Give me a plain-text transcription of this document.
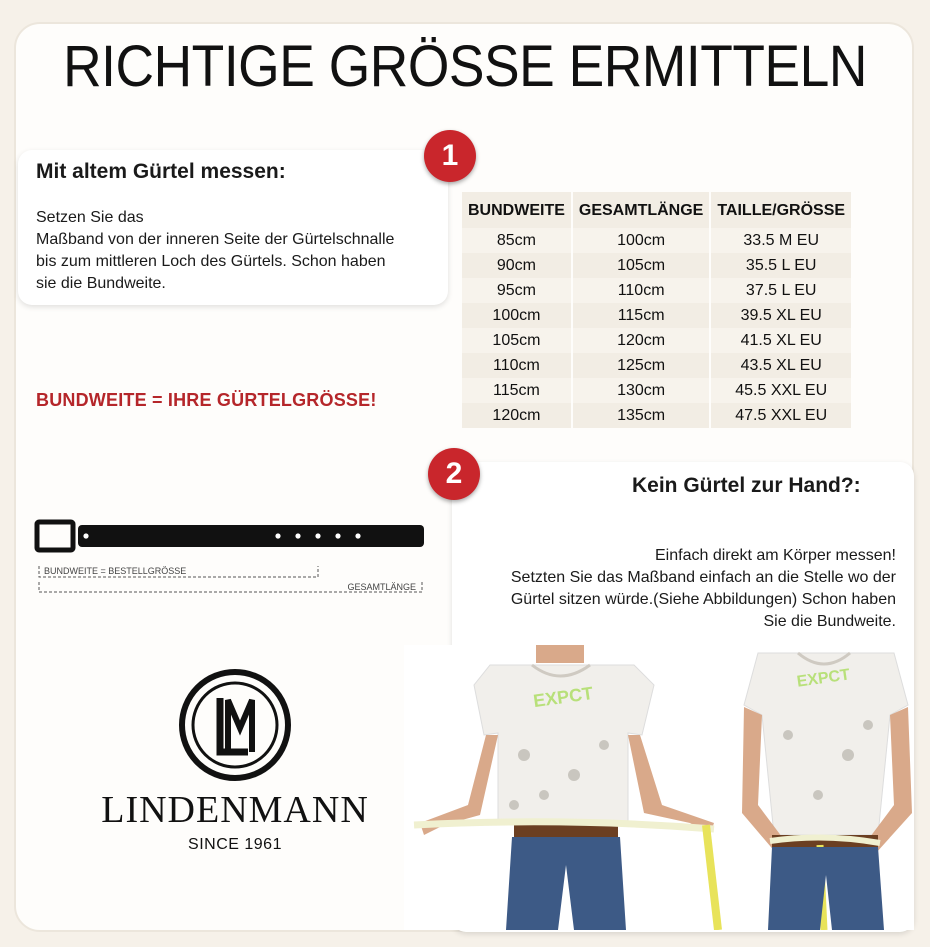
RICHTIGE GRÖSSE ERMITTELN
1
Mit altem Gürtel messen:
Setzen Sie das
Maßband von der inneren Seite der Gürtelschnalle
bis zum mittleren Loch des Gürtels. Schon haben
sie die Bundweite.
BUNDWEITE = IHRE GÜRTELGRÖSSE!
BUNDWEITE	GESAMTLÄNGE	TAILLE/GRÖSSE
85cm	100cm	33.5 M EU
90cm	105cm	35.5 L EU
95cm	110cm	37.5 L EU
100cm	115cm	39.5 XL EU
105cm	120cm	41.5 XL EU
110cm	125cm	43.5 XL EU
115cm	130cm	45.5 XXL EU
120cm	135cm	47.5 XXL EU
BUNDWEITE = BESTELLGRÖSSE
GESAMTLÄNGE
LM
LINDENMANN
SINCE 1961
2	Kein Gürtel zur Hand?:
Einfach direkt am Körper messen!
Setzten Sie das Maßband einfach an die Stelle wo der
Gürtel sitzen würde.(Siehe Abbildungen) Schon haben
Sie die Bundweite.
EXPCT
EXPCT
